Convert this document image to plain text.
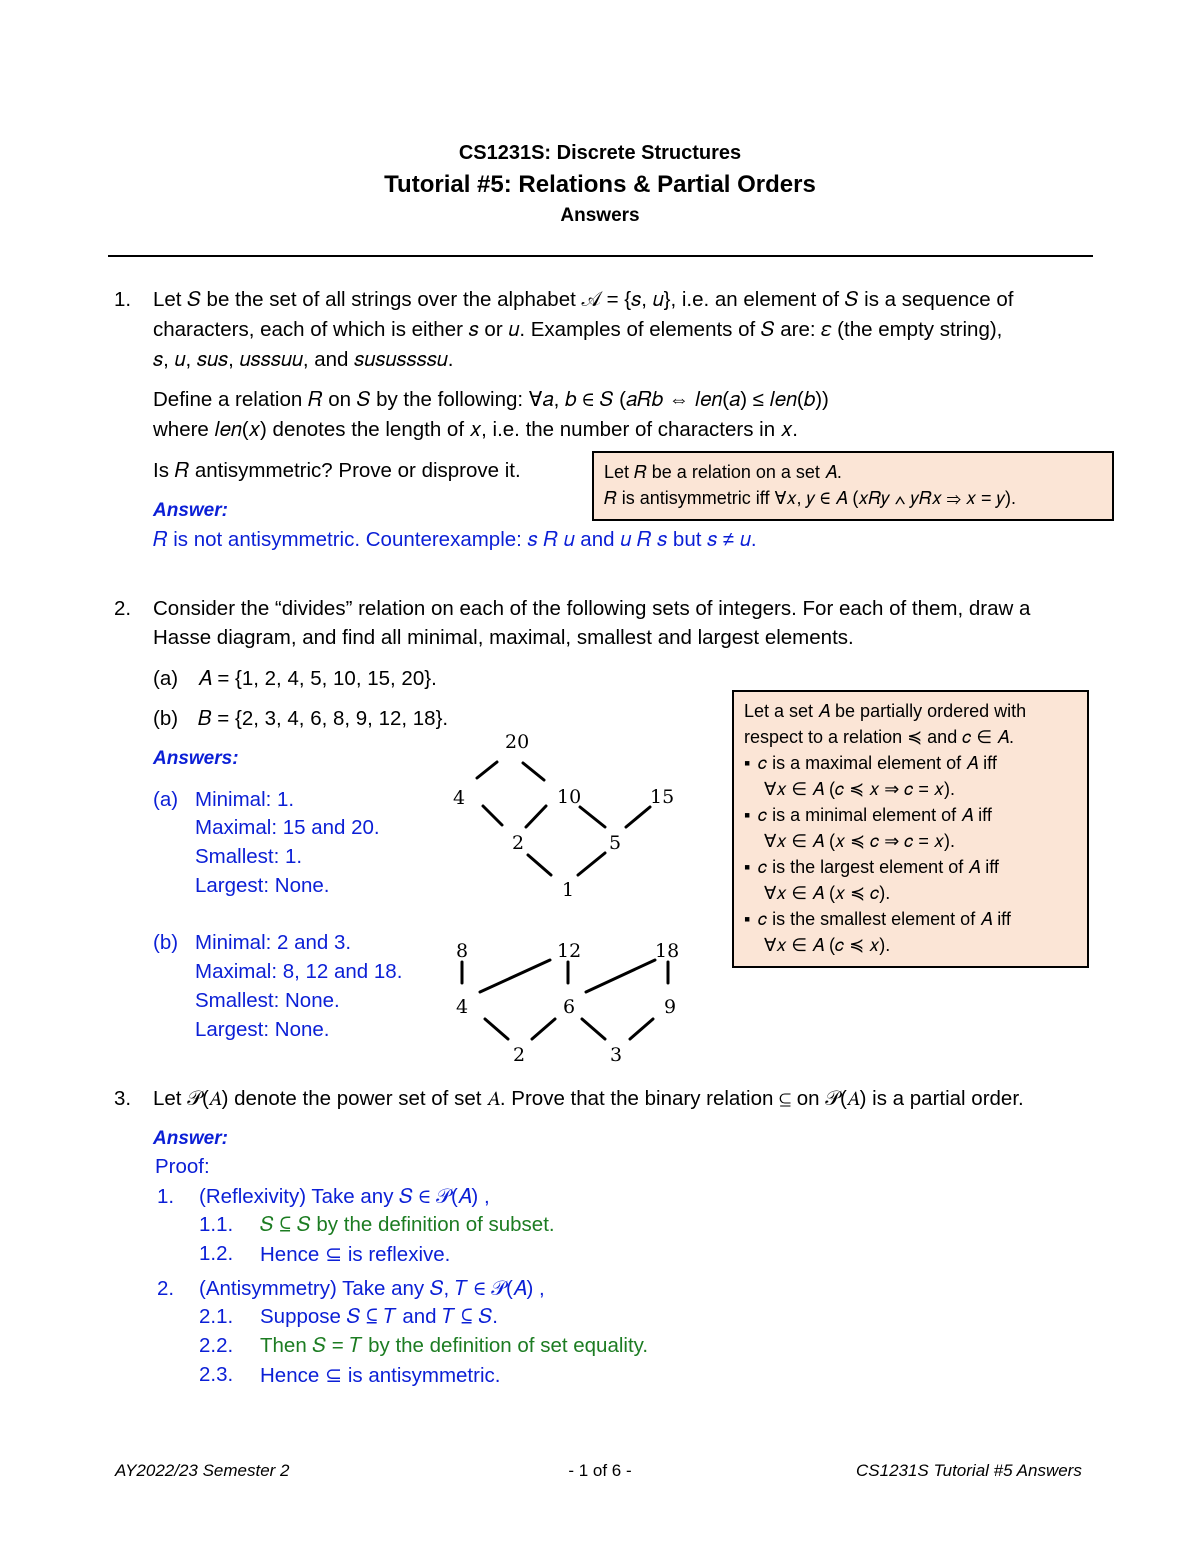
CS1231S: Discrete Structures
Tutorial #5: Relations & Partial Orders
Answers
1. Let 𝑆 be the set of all strings over the alphabet 𝒜 = {𝑠, 𝑢}, i.e. an element of 𝑆 is a sequence of
characters, each of which is either 𝑠 or 𝑢. Examples of elements of 𝑆 are: 𝜀 (the empty string),
𝑠, 𝑢, 𝑠𝑢𝑠, 𝑢𝑠𝑠𝑠𝑢𝑢, and 𝑠𝑢𝑠𝑢𝑠𝑠𝑠𝑠𝑢.
Define a relation 𝑅 on 𝑆 by the following: ∀𝑎, 𝑏 ∈ 𝑆 (𝑎𝑅𝑏 ⇔ 𝑙𝑒𝑛(𝑎) ≤ 𝑙𝑒𝑛(𝑏))
where 𝑙𝑒𝑛(𝑥) denotes the length of 𝑥, i.e. the number of characters in 𝑥.
Is 𝑅 antisymmetric? Prove or disprove it.
Answer:
𝑅 is not antisymmetric. Counterexample: 𝑠 𝑅 𝑢 and 𝑢 𝑅 𝑠 but 𝑠 ≠ 𝑢.
Let 𝑅 be a relation on a set 𝐴.
𝑅 is antisymmetric iff ∀𝑥, 𝑦 ∈ 𝐴 (𝑥𝑅𝑦 ∧ 𝑦𝑅𝑥 ⇒ 𝑥 = 𝑦).
2. Consider the “divides” relation on each of the following sets of integers. For each of them, draw a
Hasse diagram, and find all minimal, maximal, smallest and largest elements.
(a) 𝐴 = {1, 2, 4, 5, 10, 15, 20}.
(b) 𝐵 = {2, 3, 4, 6, 8, 9, 12, 18}.
Answers:
(a) Minimal: 1.
Maximal: 15 and 20.
Smallest: 1.
Largest: None.
(b) Minimal: 2 and 3.
Maximal: 8, 12 and 18.
Smallest: None.
Largest: None.
20
4	10	15
2	5
1
8	12	18
4	6	9
2	3
Let a set 𝐴 be partially ordered with
respect to a relation ≼ and 𝑐 ∈ 𝐴.
▪ 𝑐 is a maximal element of 𝐴 iff
∀𝑥 ∈ 𝐴 (𝑐 ≼ 𝑥 ⇒ 𝑐 = 𝑥).
▪ 𝑐 is a minimal element of 𝐴 iff
∀𝑥 ∈ 𝐴 (𝑥 ≼ 𝑐 ⇒ 𝑐 = 𝑥).
▪ 𝑐 is the largest element of 𝐴 iff
∀𝑥 ∈ 𝐴 (𝑥 ≼ 𝑐).
▪ 𝑐 is the smallest element of 𝐴 iff
∀𝑥 ∈ 𝐴 (𝑐 ≼ 𝑥).
3. Let 𝒫(𝐴) denote the power set of set 𝐴. Prove that the binary relation ⊆ on 𝒫(𝐴) is a partial order.
Answer:
Proof:
1. (Reflexivity) Take any 𝑆 ∈ 𝒫(𝐴) ,
1.1. 𝑆 ⊆ 𝑆 by the definition of subset.
1.2. Hence ⊆ is reflexive.
2. (Antisymmetry) Take any 𝑆, 𝑇 ∈ 𝒫(𝐴) ,
2.1. Suppose 𝑆 ⊆ 𝑇 and 𝑇 ⊆ 𝑆.
2.2. Then 𝑆 = 𝑇 by the definition of set equality.
2.3. Hence ⊆ is antisymmetric.
AY2022/23 Semester 2	- 1 of 6 -	CS1231S Tutorial #5 Answers
